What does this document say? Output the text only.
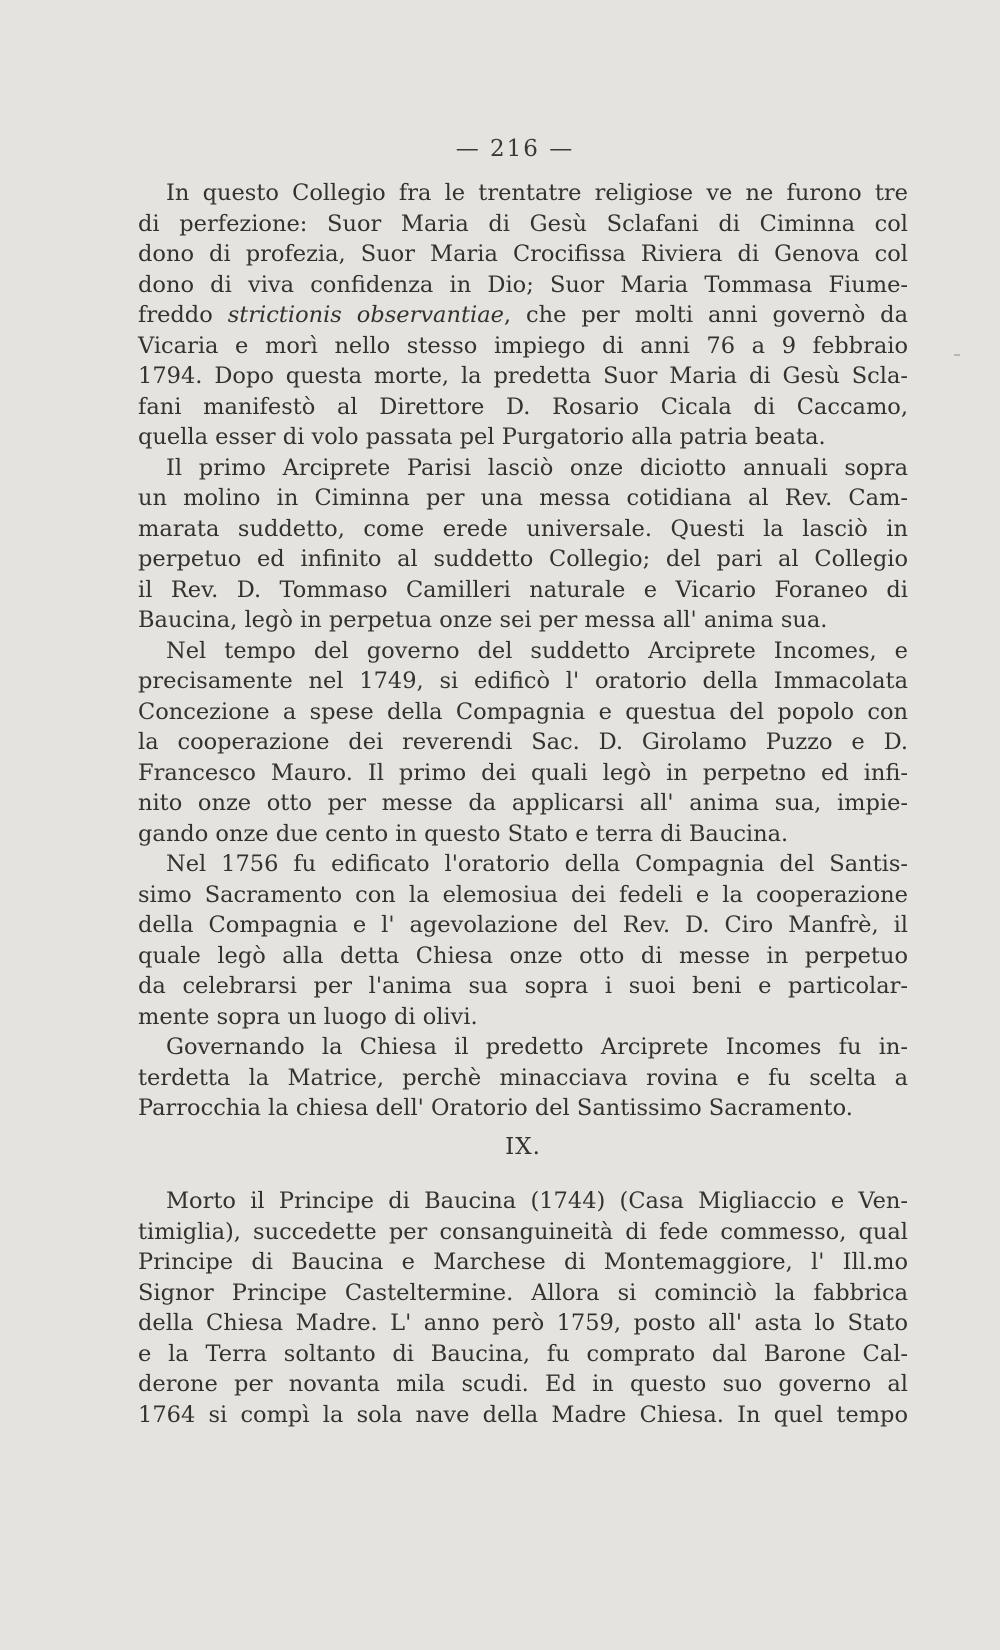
— 216 —

In questo Collegio fra le trentatre religiose ve ne furono tre
di perfezione: Suor Maria di Gesù Sclafani di Ciminna col
dono di profezia, Suor Maria Crocifissa Riviera di Genova col
dono di viva confidenza in Dio; Suor Maria Tommasa Fiume-
freddo strictionis observantiae, che per molti anni governò da
Vicaria e morì nello stesso impiego di anni 76 a 9 febbraio
1794. Dopo questa morte, la predetta Suor Maria di Gesù Scla-
fani manifestò al Direttore D. Rosario Cicala di Caccamo,
quella esser di volo passata pel Purgatorio alla patria beata.

Il primo Arciprete Parisi lasciò onze diciotto annuali sopra
un molino in Ciminna per una messa cotidiana al Rev. Cam-
marata suddetto, come erede universale. Questi la lasciò in
perpetuo ed infinito al suddetto Collegio; del pari al Collegio
il Rev. D. Tommaso Camilleri naturale e Vicario Foraneo di
Baucina, legò in perpetua onze sei per messa all' anima sua.

Nel tempo del governo del suddetto Arciprete Incomes, e
precisamente nel 1749, si edificò l' oratorio della Immacolata
Concezione a spese della Compagnia e questua del popolo con
la cooperazione dei reverendi Sac. D. Girolamo Puzzo e D.
Francesco Mauro. Il primo dei quali legò in perpetno ed infi-
nito onze otto per messe da applicarsi all' anima sua, impie-
gando onze due cento in questo Stato e terra di Baucina.

Nel 1756 fu edificato l'oratorio della Compagnia del Santis-
simo Sacramento con la elemosiua dei fedeli e la cooperazione
della Compagnia e l' agevolazione del Rev. D. Ciro Manfrè, il
quale legò alla detta Chiesa onze otto di messe in perpetuo
da celebrarsi per l'anima sua sopra i suoi beni e particolar-
mente sopra un luogo di olivi.

Governando la Chiesa il predetto Arciprete Incomes fu in-
terdetta la Matrice, perchè minacciava rovina e fu scelta a
Parrocchia la chiesa dell' Oratorio del Santissimo Sacramento.

IX.

Morto il Principe di Baucina (1744) (Casa Migliaccio e Ven-
timiglia), succedette per consanguineità di fede commesso, qual
Principe di Baucina e Marchese di Montemaggiore, l' Ill.mo
Signor Principe Casteltermine. Allora si cominciò la fabbrica
della Chiesa Madre. L' anno però 1759, posto all' asta lo Stato
e la Terra soltanto di Baucina, fu comprato dal Barone Cal-
derone per novanta mila scudi. Ed in questo suo governo al
1764 si compì la sola nave della Madre Chiesa. In quel tempo
